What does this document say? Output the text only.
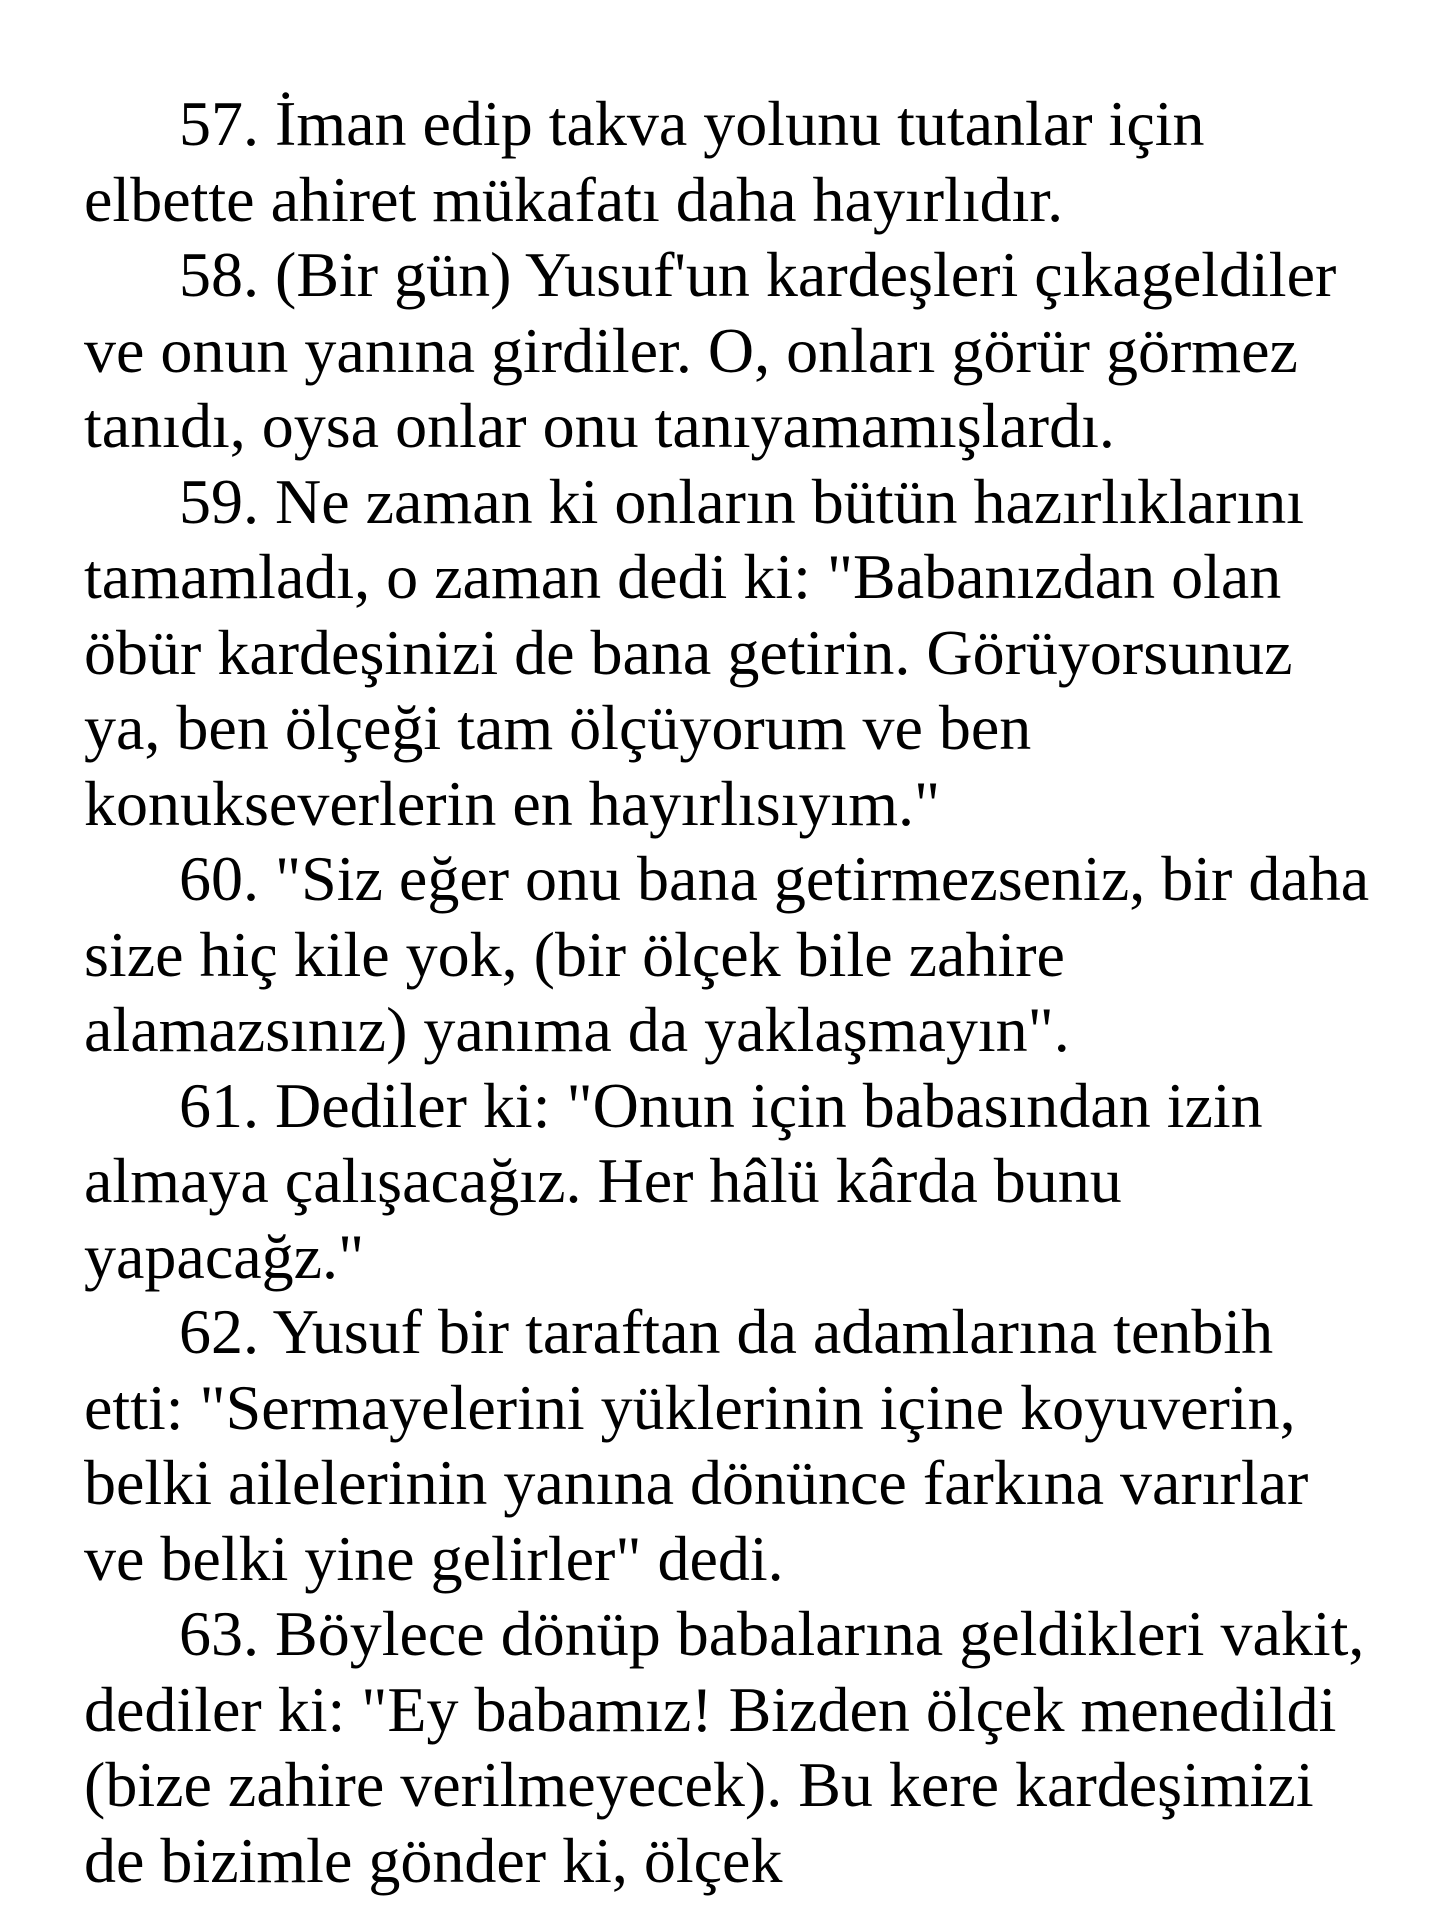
57. İman edip takva yolunu tutanlar için elbette ahiret mükafatı daha hayırlıdır.

58. (Bir gün) Yusuf'un kardeşleri çıkageldiler ve onun yanına girdiler. O, onları görür görmez tanıdı, oysa onlar onu tanıyamamışlardı.

59. Ne zaman ki onların bütün hazırlıklarını tamamladı, o zaman dedi ki: "Babanızdan olan öbür kardeşinizi de bana getirin. Görüyorsunuz ya, ben ölçeği tam ölçüyorum ve ben konukseverlerin en hayırlısıyım."

60. "Siz eğer onu bana getirmezseniz, bir daha size hiç kile yok, (bir ölçek bile zahire alamazsınız) yanıma da yaklaşmayın".

61. Dediler ki: "Onun için babasından izin almaya çalışacağız. Her hâlü kârda bunu yapacağz."

62. Yusuf bir taraftan da adamlarına tenbih etti: "Sermayelerini yüklerinin içine koyuverin, belki ailelerinin yanına dönünce farkına varırlar ve belki yine gelirler" dedi.

63. Böylece dönüp babalarına geldikleri vakit, dediler ki: "Ey babamız! Bizden ölçek menedildi (bize zahire verilmeyecek). Bu kere kardeşimizi de bizimle gönder ki, ölçek
